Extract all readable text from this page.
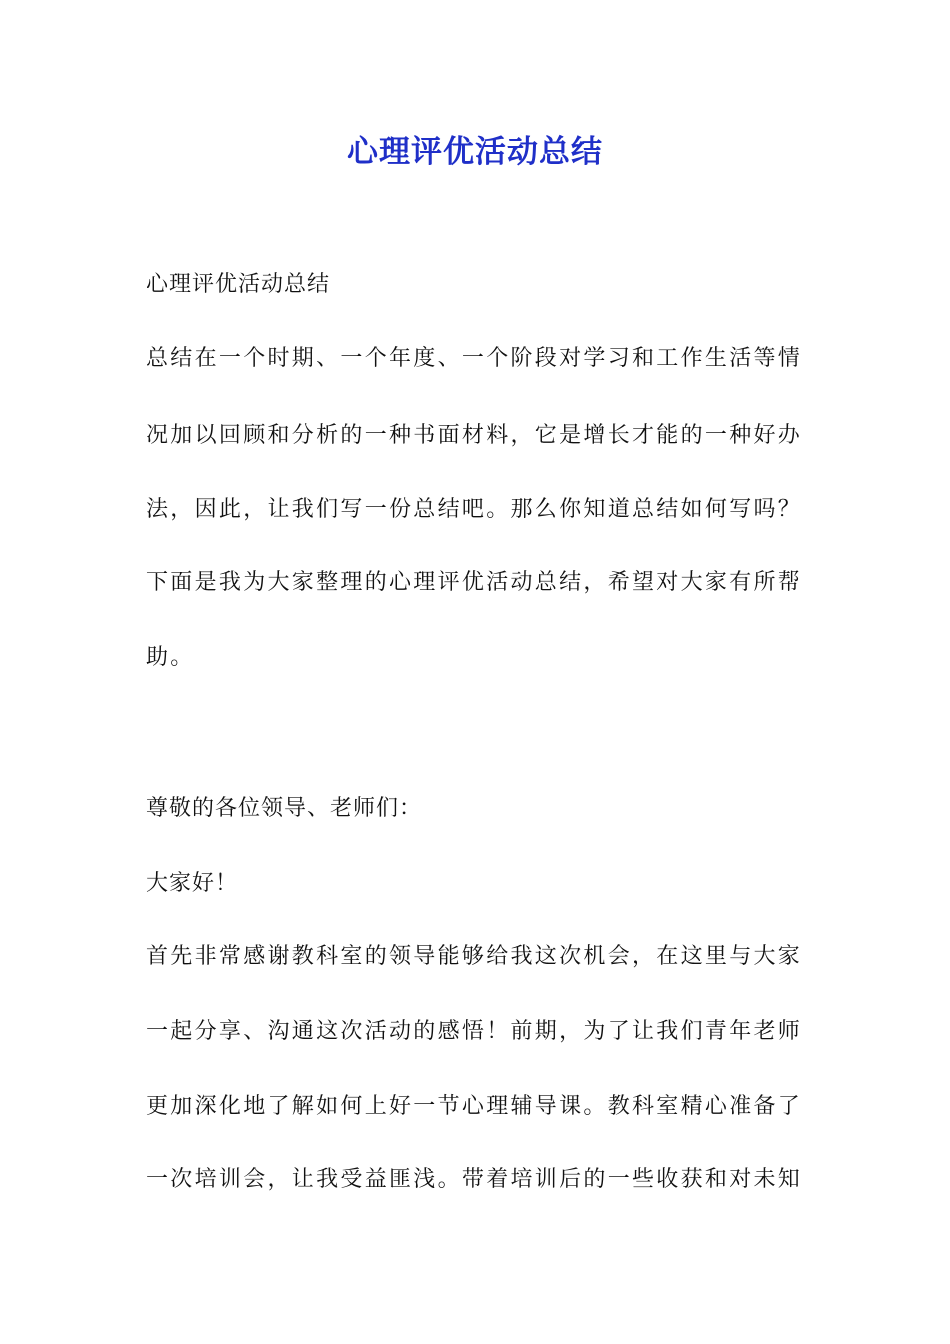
心理评优活动总结
心理评优活动总结
总结在一个时期、一个年度、一个阶段对学习和工作生活等情
况加以回顾和分析的一种书面材料，它是增长才能的一种好办
法，因此，让我们写一份总结吧。那么你知道总结如何写吗？
下面是我为大家整理的心理评优活动总结，希望对大家有所帮
助。
尊敬的各位领导、老师们：
大家好！
首先非常感谢教科室的领导能够给我这次机会，在这里与大家
一起分享、沟通这次活动的感悟！前期，为了让我们青年老师
更加深化地了解如何上好一节心理辅导课。教科室精心准备了
一次培训会，让我受益匪浅。带着培训后的一些收获和对未知
